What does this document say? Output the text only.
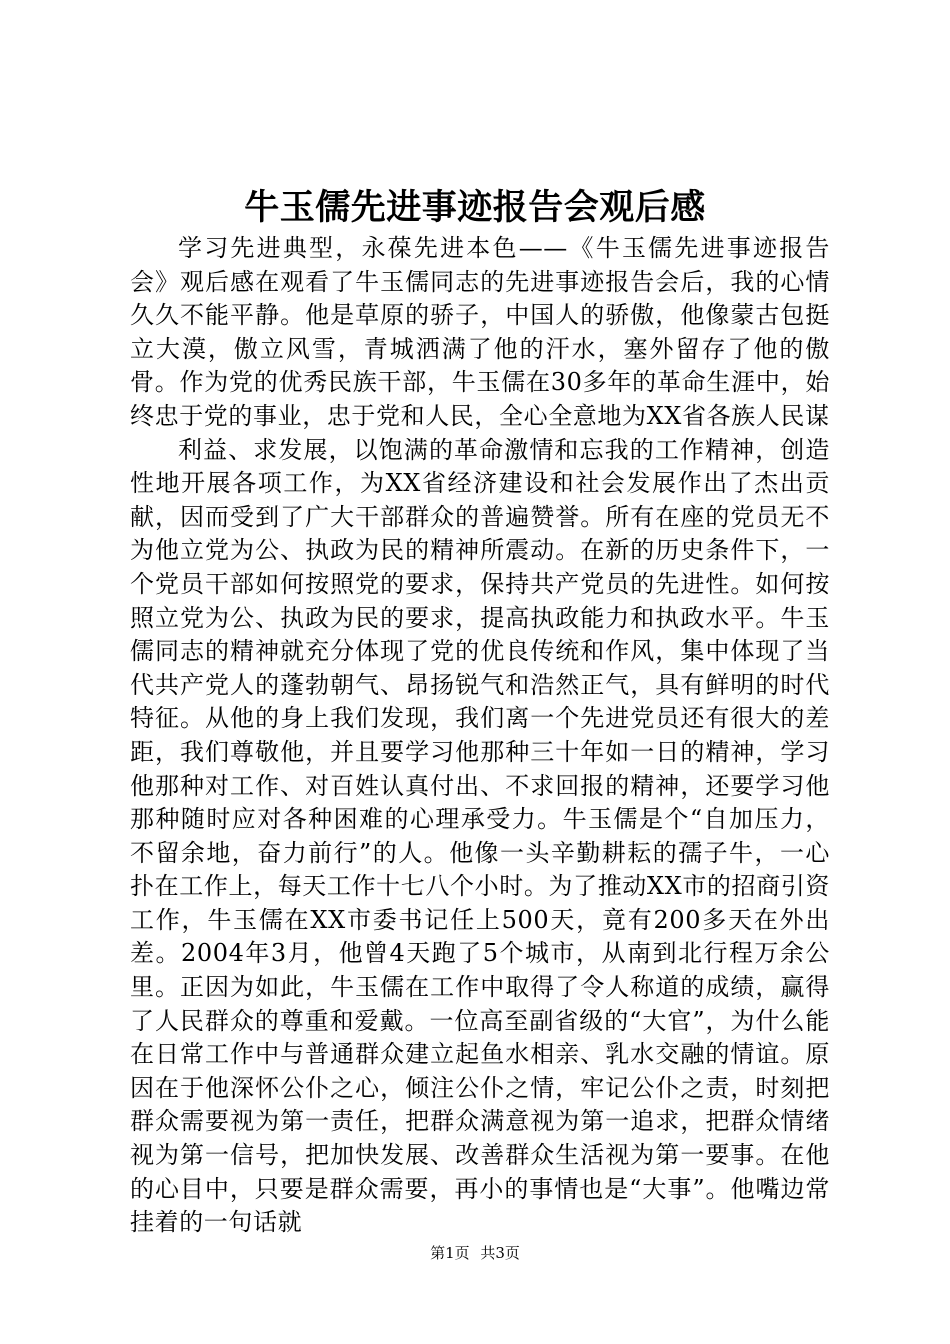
牛玉儒先进事迹报告会观后感

学习先进典型，永葆先进本色——《牛玉儒先进事迹报告会》观后感在观看了牛玉儒同志的先进事迹报告会后，我的心情久久不能平静。他是草原的骄子，中国人的骄傲，他像蒙古包挺立大漠，傲立风雪，青城洒满了他的汗水，塞外留存了他的傲骨。作为党的优秀民族干部，牛玉儒在30多年的革命生涯中，始终忠于党的事业，忠于党和人民，全心全意地为XX省各族人民谋

利益、求发展，以饱满的革命激情和忘我的工作精神，创造性地开展各项工作，为XX省经济建设和社会发展作出了杰出贡献，因而受到了广大干部群众的普遍赞誉。所有在座的党员无不为他立党为公、执政为民的精神所震动。在新的历史条件下，一个党员干部如何按照党的要求，保持共产党员的先进性。如何按照立党为公、执政为民的要求，提高执政能力和执政水平。牛玉儒同志的精神就充分体现了党的优良传统和作风，集中体现了当代共产党人的蓬勃朝气、昂扬锐气和浩然正气，具有鲜明的时代特征。从他的身上我们发现，我们离一个先进党员还有很大的差距，我们尊敬他，并且要学习他那种三十年如一日的精神，学习他那种对工作、对百姓认真付出、不求回报的精神，还要学习他那种随时应对各种困难的心理承受力。牛玉儒是个“自加压力，不留余地，奋力前行”的人。他像一头辛勤耕耘的孺子牛，一心扑在工作上，每天工作十七八个小时。为了推动XX市的招商引资工作，牛玉儒在XX市委书记任上500天，竟有200多天在外出差。2004年3月，他曾4天跑了5个城市，从南到北行程万余公里。正因为如此，牛玉儒在工作中取得了令人称道的成绩，赢得了人民群众的尊重和爱戴。一位高至副省级的“大官”，为什么能在日常工作中与普通群众建立起鱼水相亲、乳水交融的情谊。原因在于他深怀公仆之心，倾注公仆之情，牢记公仆之责，时刻把群众需要视为第一责任，把群众满意视为第一追求，把群众情绪视为第一信号，把加快发展、改善群众生活视为第一要事。在他的心目中，只要是群众需要，再小的事情也是“大事”。他嘴边常挂着的一句话就

第1页 共3页
